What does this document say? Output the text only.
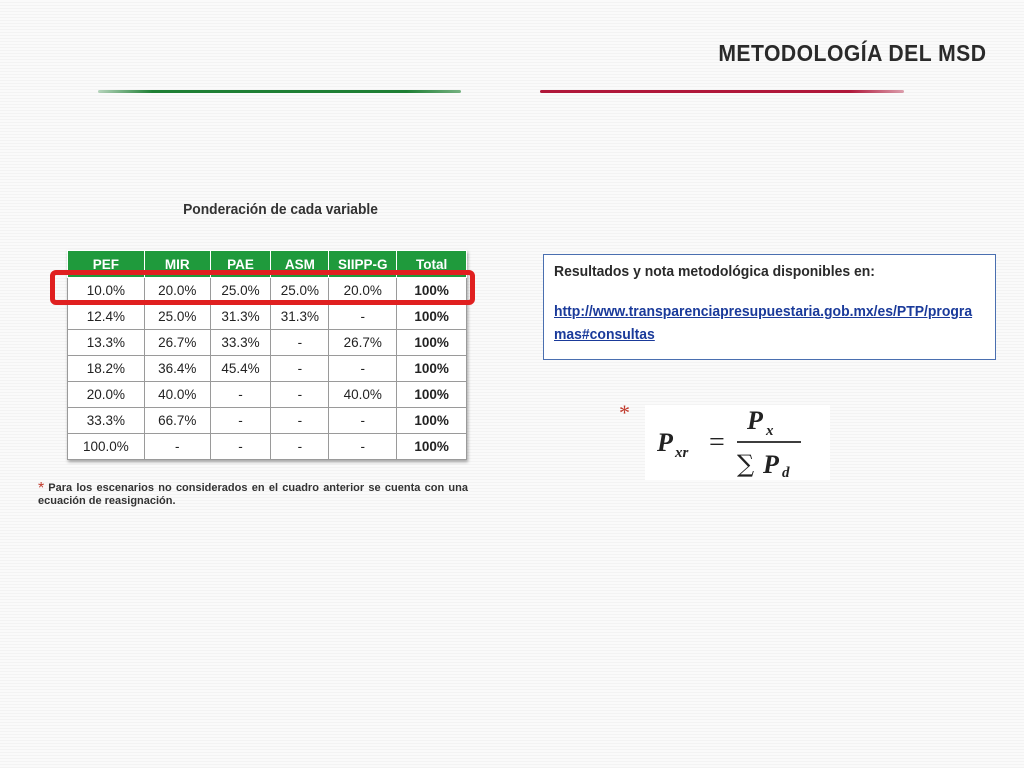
METODOLOGÍA DEL MSD
Ponderación de cada variable
PEF	MIR	PAE	ASM	SIIPP-G	Total
10.0%	20.0%	25.0%	25.0%	20.0%	100%
12.4%	25.0%	31.3%	31.3%	-	100%
13.3%	26.7%	33.3%	-	26.7%	100%
18.2%	36.4%	45.4%	-	-	100%
20.0%	40.0%	-	-	40.0%	100%
33.3%	66.7%	-	-	-	100%
100.0%	-	-	-	-	100%
* Para los escenarios no considerados en el cuadro anterior se cuenta con una ecuación de reasignación.
Resultados y nota metodológica disponibles en:
http://www.transparenciapresupuestaria.gob.mx/es/PTP/programas#consultas
*
P xr
P x
P d
=
∑
